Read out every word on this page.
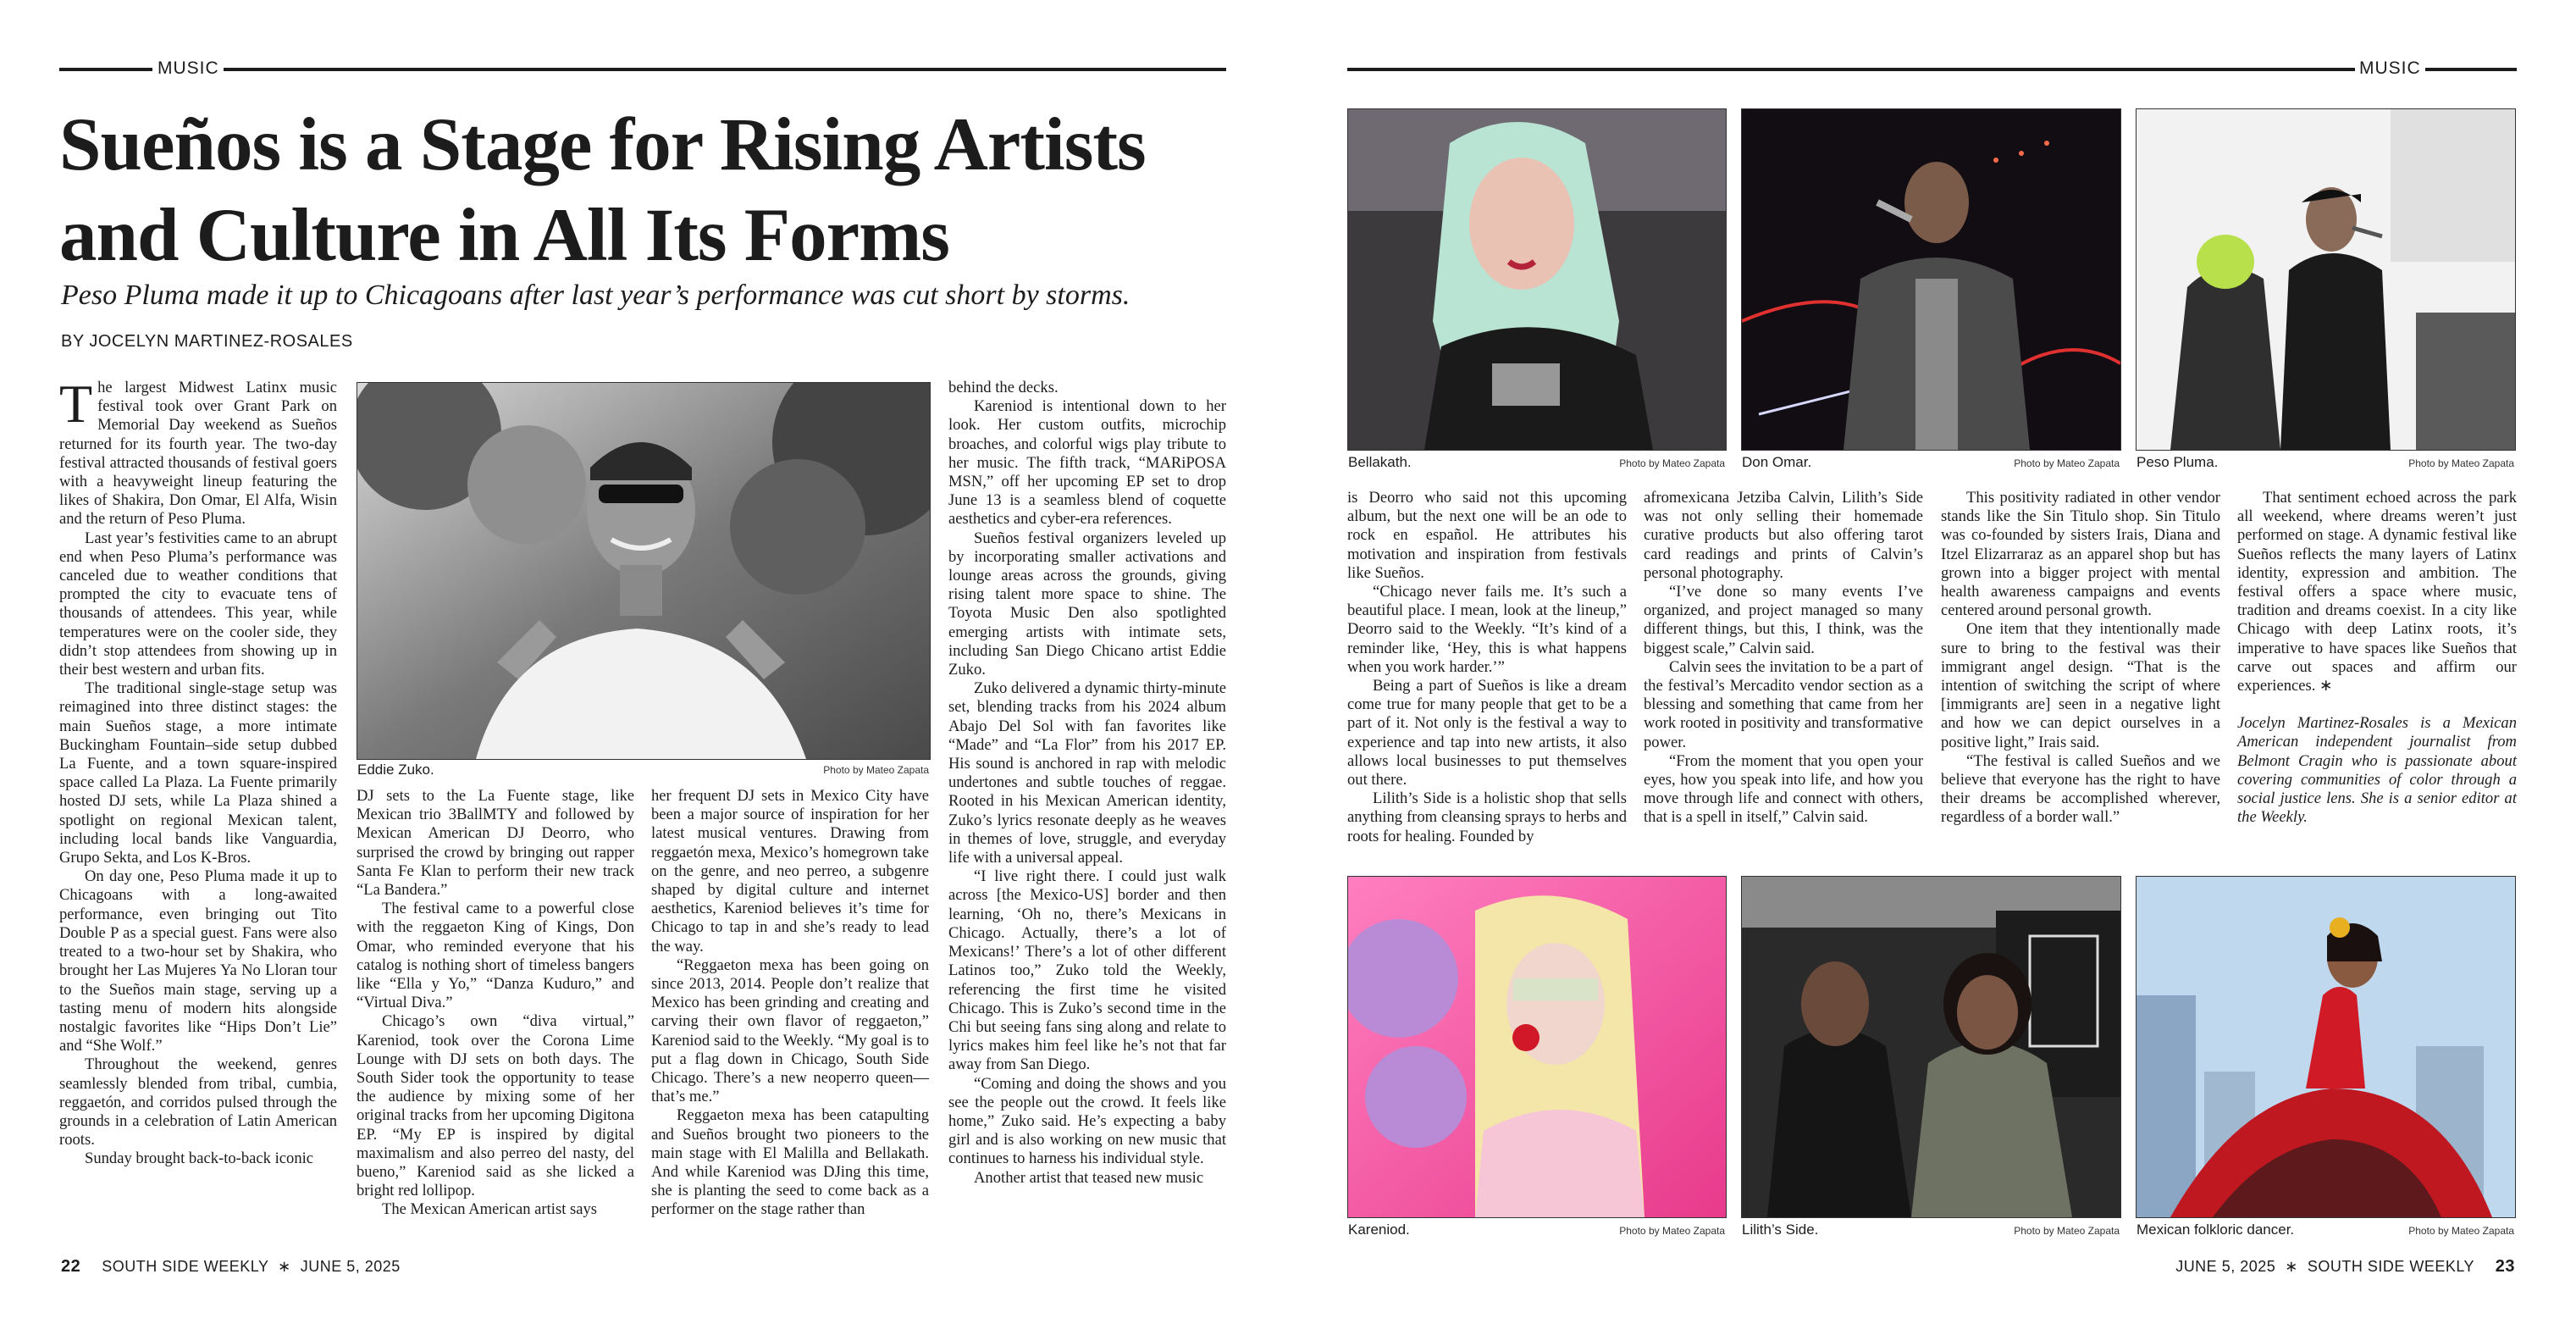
MUSIC	MUSIC
Sueños is a Stage for Rising Artists and Culture in All Its Forms
Peso Pluma made it up to Chicagoans after last year’s performance was cut short by storms.
BY JOCELYN MARTINEZ-ROSALES

The largest Midwest Latinx music festival took over Grant Park on Memorial Day weekend as Sueños returned for its fourth year. The two-day festival attracted thousands of festival goers with a heavyweight lineup featuring the likes of Shakira, Don Omar, El Alfa, Wisin and the return of Peso Pluma.

Last year’s festivities came to an abrupt end when Peso Pluma’s performance was canceled due to weather conditions that prompted the city to evacuate tens of thousands of attendees. This year, while temperatures were on the cooler side, they didn’t stop attendees from showing up in their best western and urban fits.

The traditional single-stage setup was reimagined into three distinct stages: the main Sueños stage, a more intimate Buckingham Fountain–side setup dubbed La Fuente, and a town square-inspired space called La Plaza. La Fuente primarily hosted DJ sets, while La Plaza shined a spotlight on regional Mexican talent, including local bands like Vanguardia, Grupo Sekta, and Los K-Bros.

On day one, Peso Pluma made it up to Chicagoans with a long-awaited performance, even bringing out Tito Double P as a special guest. Fans were also treated to a two-hour set by Shakira, who brought her Las Mujeres Ya No Lloran tour to the Sueños main stage, serving up a tasting menu of modern hits alongside nostalgic favorites like “Hips Don’t Lie” and “She Wolf.”

Throughout the weekend, genres seamlessly blended from tribal, cumbia, reggaetón, and corridos pulsed through the grounds in a celebration of Latin American roots.

Sunday brought back-to-back iconic

Eddie Zuko.	Photo by Mateo Zapata

DJ sets to the La Fuente stage, like Mexican trio 3BallMTY and followed by Mexican American DJ Deorro, who surprised the crowd by bringing out rapper Santa Fe Klan to perform their new track “La Bandera.”

The festival came to a powerful close with the reggaeton King of Kings, Don Omar, who reminded everyone that his catalog is nothing short of timeless bangers like “Ella y Yo,” “Danza Kuduro,” and “Virtual Diva.”

Chicago’s own “diva virtual,” Kareniod, took over the Corona Lime Lounge with DJ sets on both days. The South Sider took the opportunity to tease the audience by mixing some of her original tracks from her upcoming Digitona EP. “My EP is inspired by digital maximalism and also perreo del nasty, del bueno,” Kareniod said as she licked a bright red lollipop.

The Mexican American artist says

her frequent DJ sets in Mexico City have been a major source of inspiration for her latest musical ventures. Drawing from reggaetón mexa, Mexico’s homegrown take on the genre, and neo perreo, a subgenre shaped by digital culture and internet aesthetics, Kareniod believes it’s time for Chicago to tap in and she’s ready to lead the way.

“Reggaeton mexa has been going on since 2013, 2014. People don’t realize that Mexico has been grinding and creating and carving their own flavor of reggaeton,” Kareniod said to the Weekly. “My goal is to put a flag down in Chicago, South Side Chicago. There’s a new neoperro queen—that’s me.”

Reggaeton mexa has been catapulting and Sueños brought two pioneers to the main stage with El Malilla and Bellakath. And while Kareniod was DJing this time, she is planting the seed to come back as a performer on the stage rather than

behind the decks.

Kareniod is intentional down to her look. Her custom outfits, microchip broaches, and colorful wigs play tribute to her music. The fifth track, “MARiPOSA MSN,” off her upcoming EP set to drop June 13 is a seamless blend of coquette aesthetics and cyber-era references.

Sueños festival organizers leveled up by incorporating smaller activations and lounge areas across the grounds, giving rising talent more space to shine. The Toyota Music Den also spotlighted emerging artists with intimate sets, including San Diego Chicano artist Eddie Zuko.

Zuko delivered a dynamic thirty-minute set, blending tracks from his 2024 album Abajo Del Sol with fan favorites like “Made” and “La Flor” from his 2017 EP. His sound is anchored in rap with melodic undertones and subtle touches of reggae. Rooted in his Mexican American identity, Zuko’s lyrics resonate deeply as he weaves in themes of love, struggle, and everyday life with a universal appeal.

“I live right there. I could just walk across [the Mexico-US] border and then learning, ‘Oh no, there’s Mexicans in Chicago. Actually, there’s a lot of Mexicans!’ There’s a lot of other different Latinos too,” Zuko told the Weekly, referencing the first time he visited Chicago. This is Zuko’s second time in the Chi but seeing fans sing along and relate to lyrics makes him feel like he’s not that far away from San Diego.

“Coming and doing the shows and you see the people out the crowd. It feels like home,” Zuko said. He’s expecting a baby girl and is also working on new music that continues to harness his individual style.

Another artist that teased new music

Bellakath.	Photo by Mateo Zapata Don Omar.	Photo by Mateo Zapata Peso Pluma.	Photo by Mateo Zapata

is Deorro who said not this upcoming album, but the next one will be an ode to rock en español. He attributes his motivation and inspiration from festivals like Sueños.

“Chicago never fails me. It’s such a beautiful place. I mean, look at the lineup,” Deorro said to the Weekly. “It’s kind of a reminder like, ‘Hey, this is what happens when you work harder.’”

Being a part of Sueños is like a dream come true for many people that get to be a part of it. Not only is the festival a way to experience and tap into new artists, it also allows local businesses to put themselves out there.

Lilith’s Side is a holistic shop that sells anything from cleansing sprays to herbs and roots for healing. Founded by

afromexicana Jetziba Calvin, Lilith’s Side was not only selling their homemade curative products but also offering tarot card readings and prints of Calvin’s personal photography.

“I’ve done so many events I’ve organized, and project managed so many different things, but this, I think, was the biggest scale,” Calvin said.

Calvin sees the invitation to be a part of the festival’s Mercadito vendor section as a blessing and something that came from her work rooted in positivity and transformative power.

“From the moment that you open your eyes, how you speak into life, and how you move through life and connect with others, that is a spell in itself,” Calvin said.

This positivity radiated in other vendor stands like the Sin Titulo shop. Sin Titulo was co-founded by sisters Irais, Diana and Itzel Elizarraraz as an apparel shop but has grown into a bigger project with mental health awareness campaigns and events centered around personal growth.

One item that they intentionally made sure to bring to the festival was their immigrant angel design. “That is the intention of switching the script of where [immigrants are] seen in a negative light and how we can depict ourselves in a positive light,” Irais said.

“The festival is called Sueños and we believe that everyone has the right to have their dreams be accomplished wherever, regardless of a border wall.”

That sentiment echoed across the park all weekend, where dreams weren’t just performed on stage. A dynamic festival like Sueños reflects the many layers of Latinx identity, expression and ambition. The festival offers a space where music, tradition and dreams coexist. In a city like Chicago with deep Latinx roots, it’s imperative to have spaces like Sueños that carve out spaces and affirm our experiences. ∗

Jocelyn Martinez-Rosales is a Mexican American independent journalist from Belmont Cragin who is passionate about covering communities of color through a social justice lens. She is a senior editor at the Weekly.

Kareniod.	Photo by Mateo Zapata Lilith’s Side.	Photo by Mateo Zapata Mexican folkloric dancer.	Photo by Mateo Zapata
22 SOUTH SIDE WEEKLY  ∗  JUNE 5, 2025	JUNE 5, 2025  ∗  SOUTH SIDE WEEKLY 23
